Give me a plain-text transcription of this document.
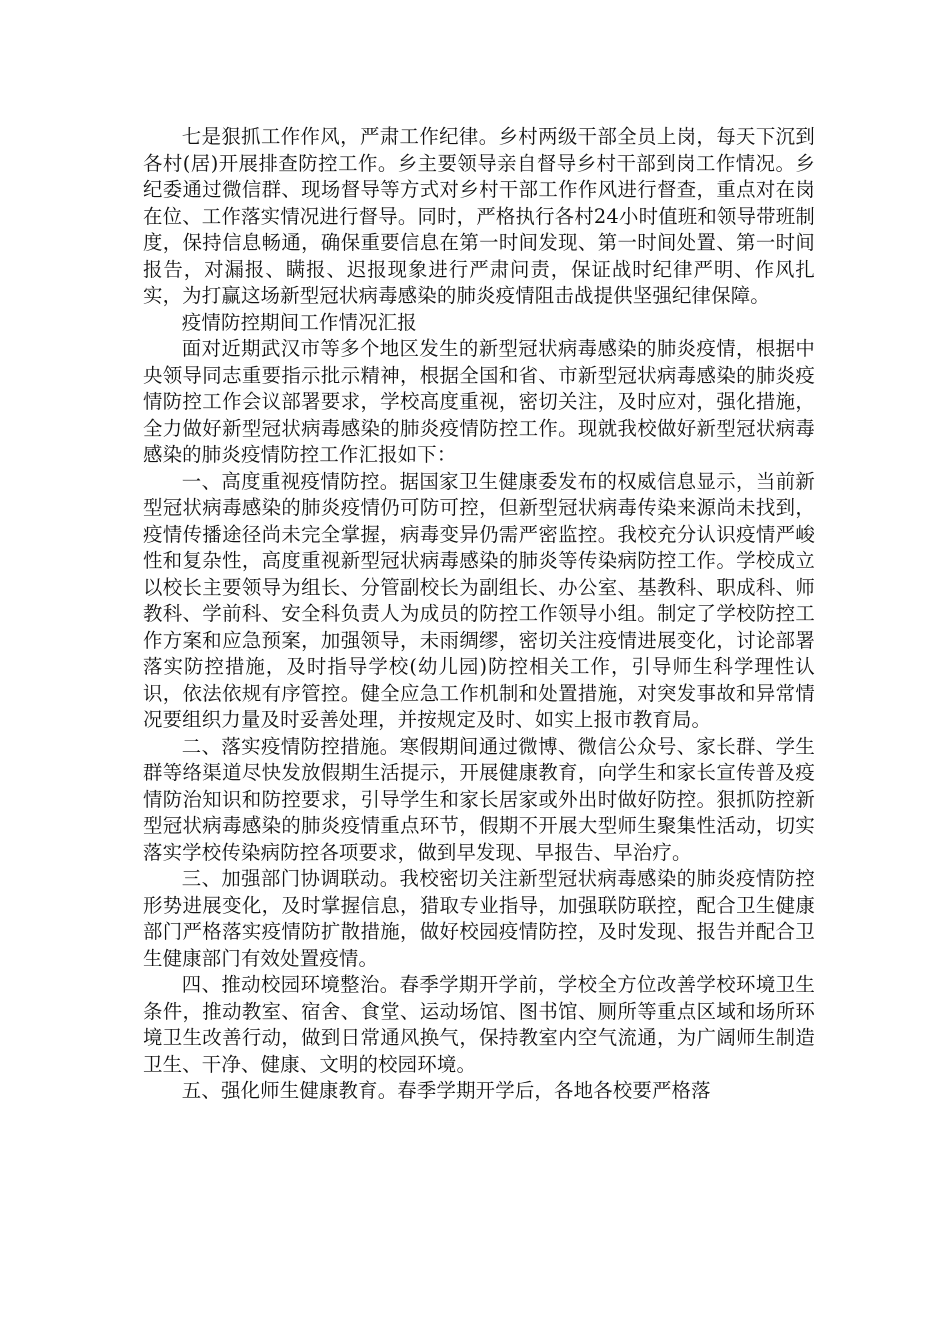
七是狠抓工作作风，严肃工作纪律。乡村两级干部全员上岗，每天下沉到各村(居)开展排查防控工作。乡主要领导亲自督导乡村干部到岗工作情况。乡纪委通过微信群、现场督导等方式对乡村干部工作作风进行督查，重点对在岗在位、工作落实情况进行督导。同时，严格执行各村24小时值班和领导带班制度，保持信息畅通，确保重要信息在第一时间发现、第一时间处置、第一时间报告，对漏报、瞒报、迟报现象进行严肃问责，保证战时纪律严明、作风扎实，为打赢这场新型冠状病毒感染的肺炎疫情阻击战提供坚强纪律保障。

疫情防控期间工作情况汇报

面对近期武汉市等多个地区发生的新型冠状病毒感染的肺炎疫情，根据中央领导同志重要指示批示精神，根据全国和省、市新型冠状病毒感染的肺炎疫情防控工作会议部署要求，学校高度重视，密切关注，及时应对，强化措施，全力做好新型冠状病毒感染的肺炎疫情防控工作。现就我校做好新型冠状病毒感染的肺炎疫情防控工作汇报如下：

一、高度重视疫情防控。据国家卫生健康委发布的权威信息显示，当前新型冠状病毒感染的肺炎疫情仍可防可控，但新型冠状病毒传染来源尚未找到，疫情传播途径尚未完全掌握，病毒变异仍需严密监控。我校充分认识疫情严峻性和复杂性，高度重视新型冠状病毒感染的肺炎等传染病防控工作。学校成立以校长主要领导为组长、分管副校长为副组长、办公室、基教科、职成科、师教科、学前科、安全科负责人为成员的防控工作领导小组。制定了学校防控工作方案和应急预案，加强领导，未雨绸缪，密切关注疫情进展变化，讨论部署落实防控措施，及时指导学校(幼儿园)防控相关工作，引导师生科学理性认识，依法依规有序管控。健全应急工作机制和处置措施，对突发事故和异常情况要组织力量及时妥善处理，并按规定及时、如实上报市教育局。

二、落实疫情防控措施。寒假期间通过微博、微信公众号、家长群、学生群等络渠道尽快发放假期生活提示，开展健康教育，向学生和家长宣传普及疫情防治知识和防控要求，引导学生和家长居家或外出时做好防控。狠抓防控新型冠状病毒感染的肺炎疫情重点环节，假期不开展大型师生聚集性活动，切实落实学校传染病防控各项要求，做到早发现、早报告、早治疗。

三、加强部门协调联动。我校密切关注新型冠状病毒感染的肺炎疫情防控形势进展变化，及时掌握信息，猎取专业指导，加强联防联控，配合卫生健康部门严格落实疫情防扩散措施，做好校园疫情防控，及时发现、报告并配合卫生健康部门有效处置疫情。

四、推动校园环境整治。春季学期开学前，学校全方位改善学校环境卫生条件，推动教室、宿舍、食堂、运动场馆、图书馆、厕所等重点区域和场所环境卫生改善行动，做到日常通风换气，保持教室内空气流通，为广阔师生制造卫生、干净、健康、文明的校园环境。

五、强化师生健康教育。春季学期开学后，各地各校要严格落
